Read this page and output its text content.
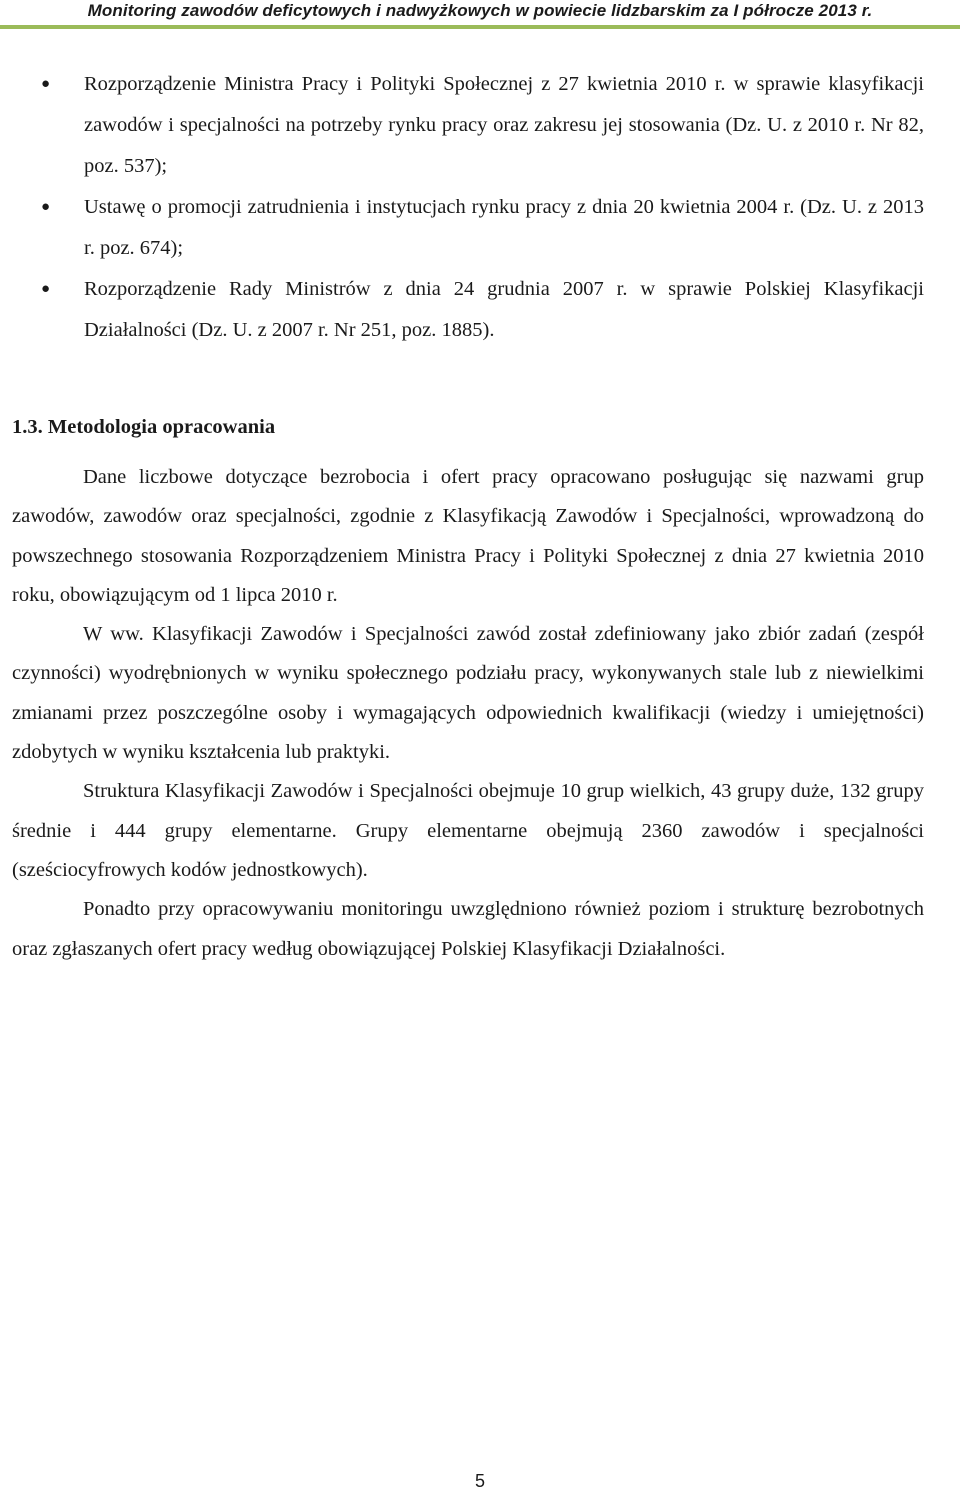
Monitoring zawodów deficytowych i nadwyżkowych w powiecie lidzbarskim za I półrocze 2013 r.
● Rozporządzenie Ministra Pracy i Polityki Społecznej z 27 kwietnia 2010 r. w sprawie klasyfikacji zawodów i specjalności na potrzeby rynku pracy oraz zakresu jej stosowania (Dz. U. z 2010 r. Nr 82, poz. 537);
● Ustawę o promocji zatrudnienia i instytucjach rynku pracy z dnia 20 kwietnia 2004 r. (Dz. U. z 2013 r. poz. 674);
● Rozporządzenie Rady Ministrów z dnia 24 grudnia 2007 r. w sprawie Polskiej Klasyfikacji Działalności (Dz. U. z 2007 r. Nr 251, poz. 1885).
1.3. Metodologia opracowania

Dane liczbowe dotyczące bezrobocia i ofert pracy opracowano posługując się nazwami grup zawodów, zawodów oraz specjalności, zgodnie z Klasyfikacją Zawodów i Specjalności, wprowadzoną do powszechnego stosowania Rozporządzeniem Ministra Pracy i Polityki Społecznej z dnia 27 kwietnia 2010 roku, obowiązującym od 1 lipca 2010 r.

W ww. Klasyfikacji Zawodów i Specjalności zawód został zdefiniowany jako zbiór zadań (zespół czynności) wyodrębnionych w wyniku społecznego podziału pracy, wykonywanych stale lub z niewielkimi zmianami przez poszczególne osoby i wymagających odpowiednich kwalifikacji (wiedzy i umiejętności) zdobytych w wyniku kształcenia lub praktyki.

Struktura Klasyfikacji Zawodów i Specjalności obejmuje 10 grup wielkich, 43 grupy duże, 132 grupy średnie i 444 grupy elementarne. Grupy elementarne obejmują 2360 zawodów i specjalności (sześciocyfrowych kodów jednostkowych).

Ponadto przy opracowywaniu monitoringu uwzględniono również poziom i strukturę bezrobotnych oraz zgłaszanych ofert pracy według obowiązującej Polskiej Klasyfikacji Działalności.

5
